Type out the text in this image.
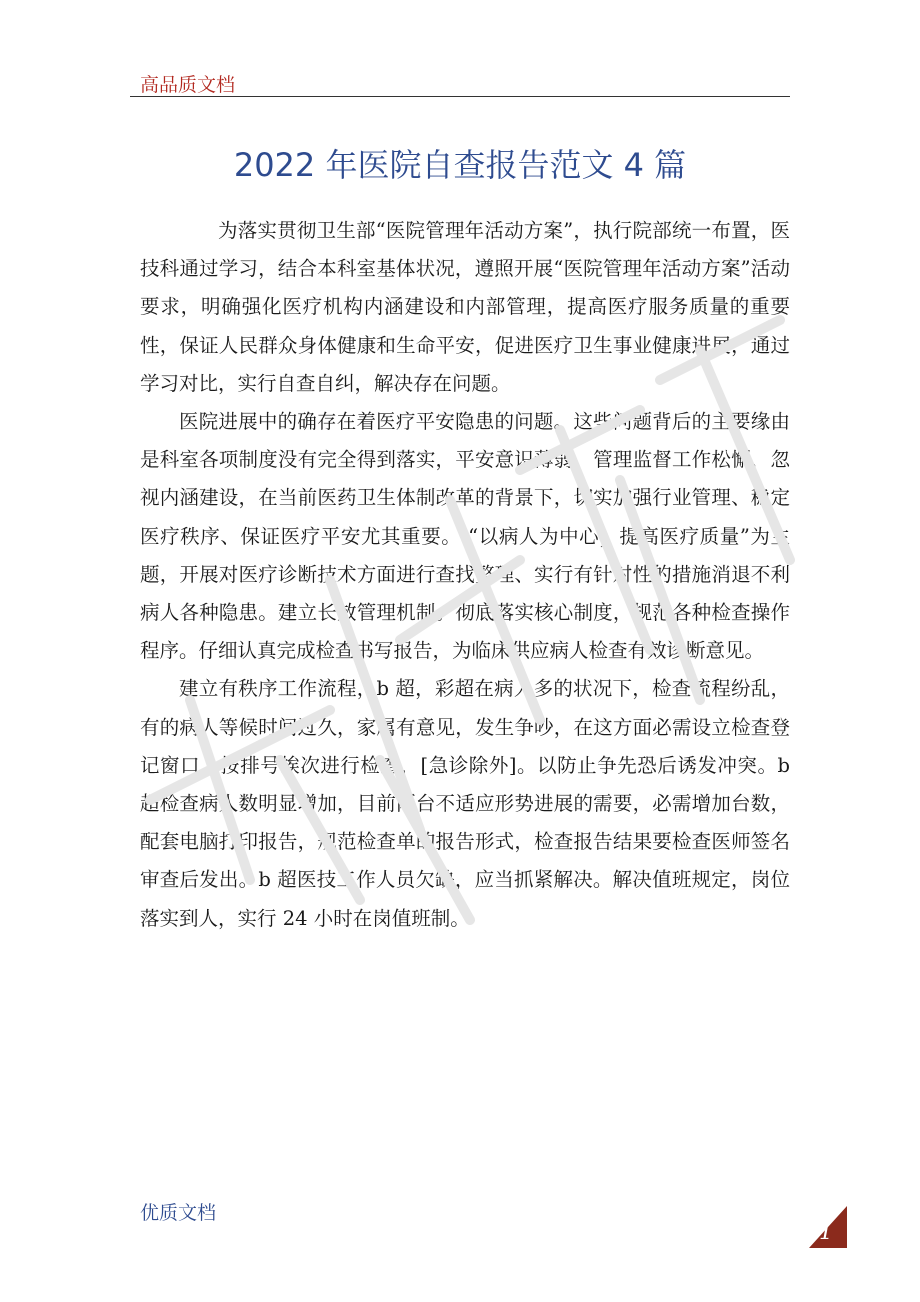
高品质文档
2022 年医院自查报告范文 4 篇

为落实贯彻卫生部“医院管理年活动方案”，执行院部统一布置，医技科通过学习，结合本科室基体状况，遵照开展“医院管理年活动方案”活动要求，明确强化医疗机构内涵建设和内部管理，提高医疗服务质量的重要性，保证人民群众身体健康和生命平安，促进医疗卫生事业健康进展，通过学习对比，实行自查自纠，解决存在问题。

医院进展中的确存在着医疗平安隐患的问题。这些问题背后的主要缘由是科室各项制度没有完全得到落实，平安意识薄弱，管理监督工作松懈，忽视内涵建设，在当前医药卫生体制改革的背景下，切实加强行业管理、稳定医疗秩序、保证医疗平安尤其重要。 “以病人为中心，提高医疗质量”为主题，开展对医疗诊断技术方面进行查找整理、实行有针对性的措施消退不利病人各种隐患。建立长效管理机制。彻底落实核心制度，规范各种检查操作程序。仔细认真完成检查书写报告，为临床供应病人检查有效诊断意见。

建立有秩序工作流程，b 超，彩超在病人多的状况下，检查流程纷乱，有的病人等候时间过久，家属有意见，发生争吵，在这方面必需设立检查登记窗口，按排号挨次进行检查，[急诊除外]。以防止争先恐后诱发冲突。b 超检查病人数明显增加，目前两台不适应形势进展的需要，必需增加台数，配套电脑打印报告，规范检查单的报告形式，检查报告结果要检查医师签名审查后发出。b 超医技工作人员欠缺，应当抓紧解决。解决值班规定，岗位落实到人，实行 24 小时在岗值班制。

优质文档
1
